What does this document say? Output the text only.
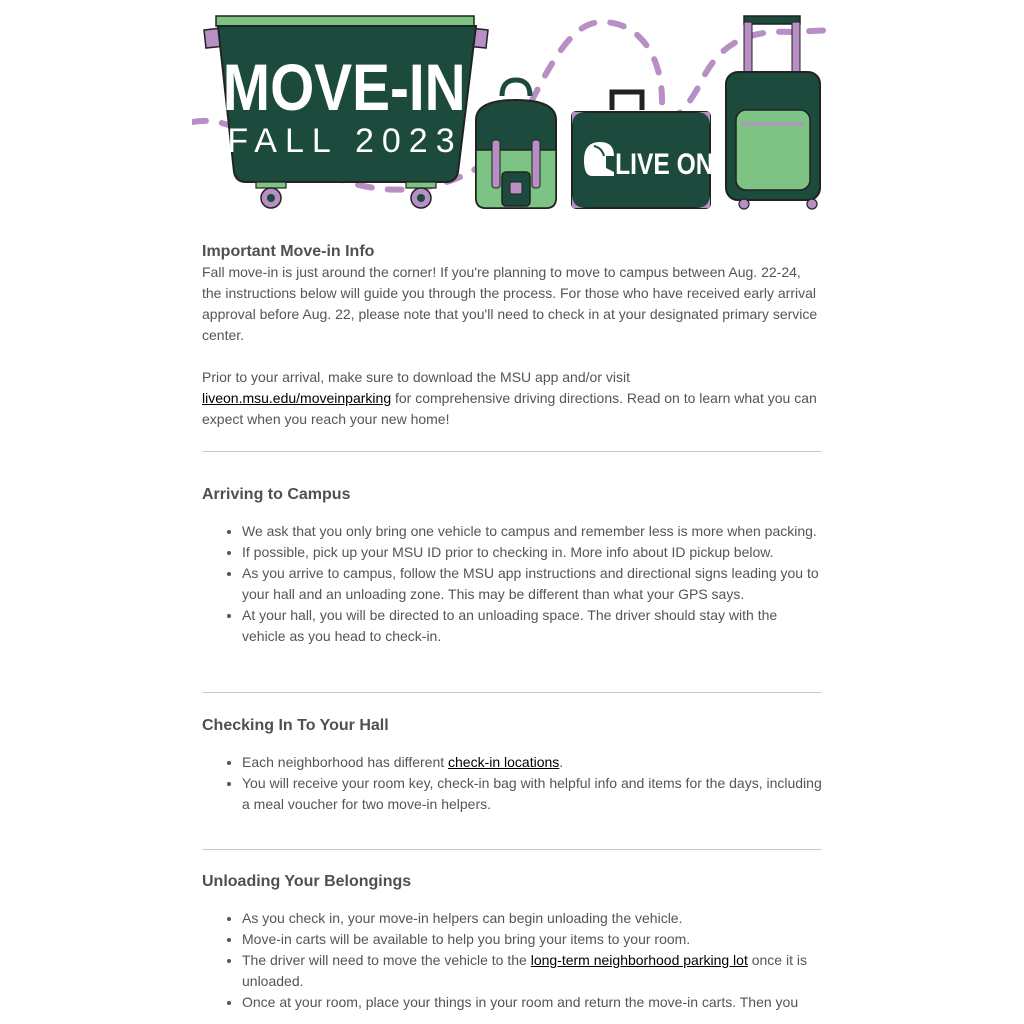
MOVE-IN
FALL 2023
LIVE ON
Important Move-in Info

Fall move-in is just around the corner! If you're planning to move to campus between Aug. 22-24, the instructions below will guide you through the process. For those who have received early arrival approval before Aug. 22, please note that you'll need to check in at your designated primary service center.

Prior to your arrival, make sure to download the MSU app and/or visit liveon.msu.edu/moveinparking for comprehensive driving directions. Read on to learn what you can expect when you reach your new home!

Arriving to Campus
• We ask that you only bring one vehicle to campus and remember less is more when packing.
• If possible, pick up your MSU ID prior to checking in. More info about ID pickup below.
• As you arrive to campus, follow the MSU app instructions and directional signs leading you to your hall and an unloading zone. This may be different than what your GPS says.
• At your hall, you will be directed to an unloading space. The driver should stay with the vehicle as you head to check-in.
Checking In To Your Hall
• Each neighborhood has different check-in locations.
• You will receive your room key, check-in bag with helpful info and items for the days, including a meal voucher for two move-in helpers.
Unloading Your Belongings
• As you check in, your move-in helpers can begin unloading the vehicle.
• Move-in carts will be available to help you bring your items to your room.
• The driver will need to move the vehicle to the long-term neighborhood parking lot once it is unloaded.
• Once at your room, place your things in your room and return the move-in carts. Then you
